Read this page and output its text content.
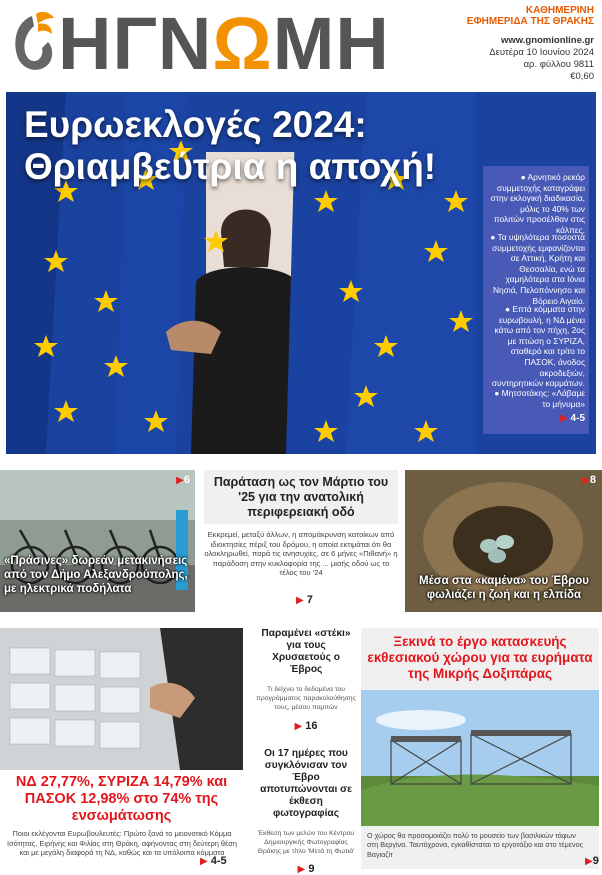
ΗΓΝΩΜΗ	ΚΑΘΗΜΕΡΙΝΗ
ΕΦΗΜΕΡΙΔΑ ΤΗΣ ΘΡΑΚΗΣ
www.gnomionline.gr
Δευτέρα 10 Ιουνίου 2024
αρ. φύλλου 9811
€0,60
Ευρωεκλογές 2024:
Θριαμβεύτρια η αποχή!	● Αρνητικό ρεκόρ συμμετοχής καταγράφει στην εκλογική διαδικασία, μόλις το 40% των πολιτών προσέλθαν στις κάλπες.
● Τα υψηλότερα ποσοστά συμμετοχής εμφανίζονται σε Αττική, Κρήτη και Θεσσαλία, ενώ τα χαμηλότερα στα Ιόνια Νησιά, Πελοπόννησο και Βόρειο Αιγαίο.
● Επτά κόμματα στην ευρωβουλή, η ΝΔ μένει κάτω από τον πήχη, 2ος με πτώση ο ΣΥΡΙΖΑ, σταθερό και τρίτο το ΠΑΣΟΚ, άνοδος ακροδεξιών, συντηρητικών κομμάτων.
● Μητσοτάκης: «Λάβαμε το μήνυμα»
▶ 4-5
▶6
«Πράσινες» δωρεάν μετακινήσεις από τον Δήμο Αλεξανδρούπολης, με ηλεκτρικά ποδήλατα
Παράταση ως τον Μάρτιο του '25 για την ανατολική περιφερειακή οδό
Εκκρεμεί, μεταξύ άλλων, η απομάκρυνση κατοίκων από ιδιοκτησίες πέριξ του δρόμου, η οποία εκτιμάται ότι θα ολοκληρωθεί, παρά τις ανησυχίες, σε 6 μήνες «Πιθανή» η παράδοση στην κυκλοφορία της ... μισής οδού ως το τέλος του '24
▶ 7
▶8
Μέσα στα «καμένα» του Έβρου φωλιάζει η ζωή και η ελπίδα
ΝΔ 27,77%, ΣΥΡΙΖΑ 14,79% και ΠΑΣΟΚ 12,98% στο 74% της ενσωμάτωσης
Ποιοι εκλέγονται Ευρωβουλευτές: Πρώτο ξανά το μειονοτικό Κόμμα Ισότητας, Ειρήνης και Φιλίας στη Θράκη, αφήνοντας στη δεύτερη θέση και με μεγάλη διαφορά τη ΝΔ, καθώς και τα υπόλοιπα κόμματα
▶ 4-5
Παραμένει «στέκι» για τους Χρυσαετούς ο Έβρος
Τι δείχνει το δεδομένα του προγράμματος παρακολούθησης τους, μέσου πομπών
▶ 16
Οι 17 ημέρες που συγκλόνισαν τον Έβρο αποτυπώνονται σε έκθεση φωτογραφίας
Έκθεση των μελών του Κέντρου Δημιουργικής Φωτογραφίας Θράκης με τίτλο 'Μετά τη Φωτιά'
▶ 9
Ξεκινά το έργο κατασκευής εκθεσιακού χώρου για τα ευρήματα της Μικρής Δοξιπάρας
Ο χώρος θα προσομοιάζει πολύ το μουσείο των βασιλικών τάφων στη Βεργίνα. Ταυτόχρονα, εγκαθίσταται το εργοτάξιο και στο τέμενος Βαγιαζίτ
▶9
